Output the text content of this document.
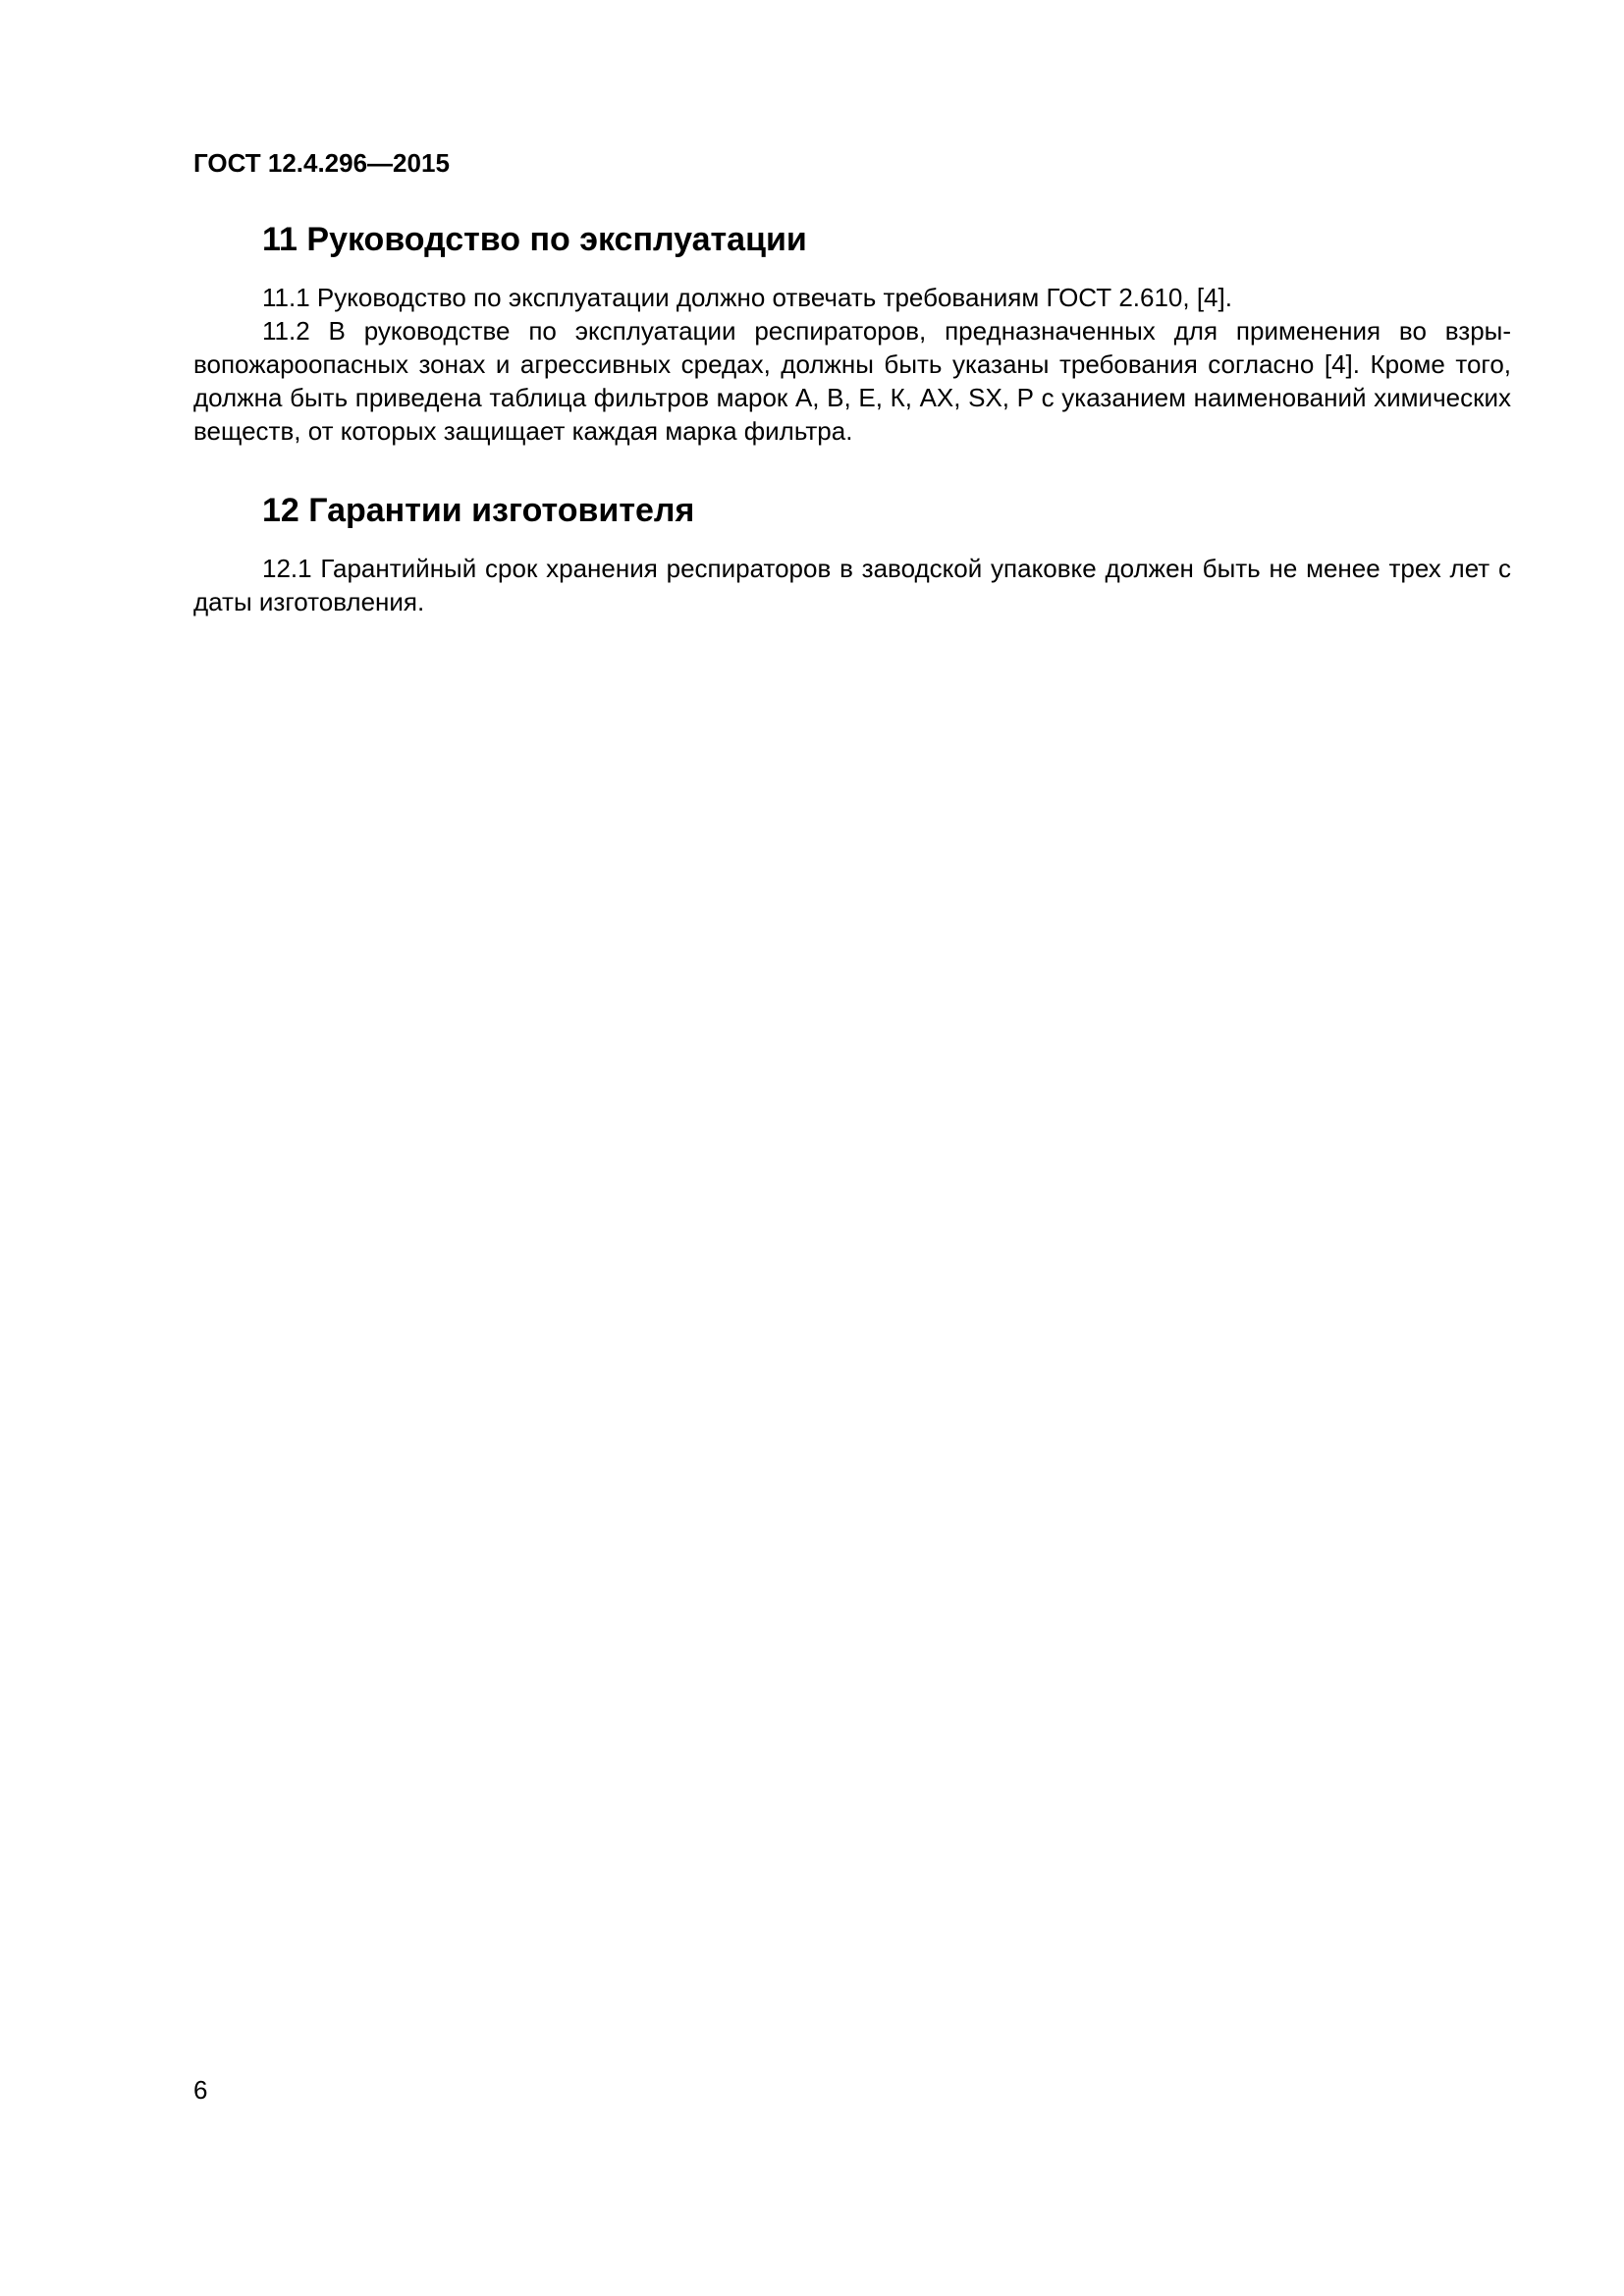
ГОСТ 12.4.296—2015
11 Руководство по эксплуатации

11.1 Руководство по эксплуатации должно отвечать требованиям ГОСТ 2.610, [4].

11.2 В руководстве по эксплуатации респираторов, предназначенных для применения во взры-вопожароопасных зонах и агрессивных средах, должны быть указаны требования согласно [4]. Кроме того, должна быть приведена таблица фильтров марок А, В, Е, К, АХ, SX, Р с указанием наименований химических веществ, от которых защищает каждая марка фильтра.

12 Гарантии изготовителя

12.1 Гарантийный срок хранения респираторов в заводской упаковке должен быть не менее трех лет с даты изготовления.

6
